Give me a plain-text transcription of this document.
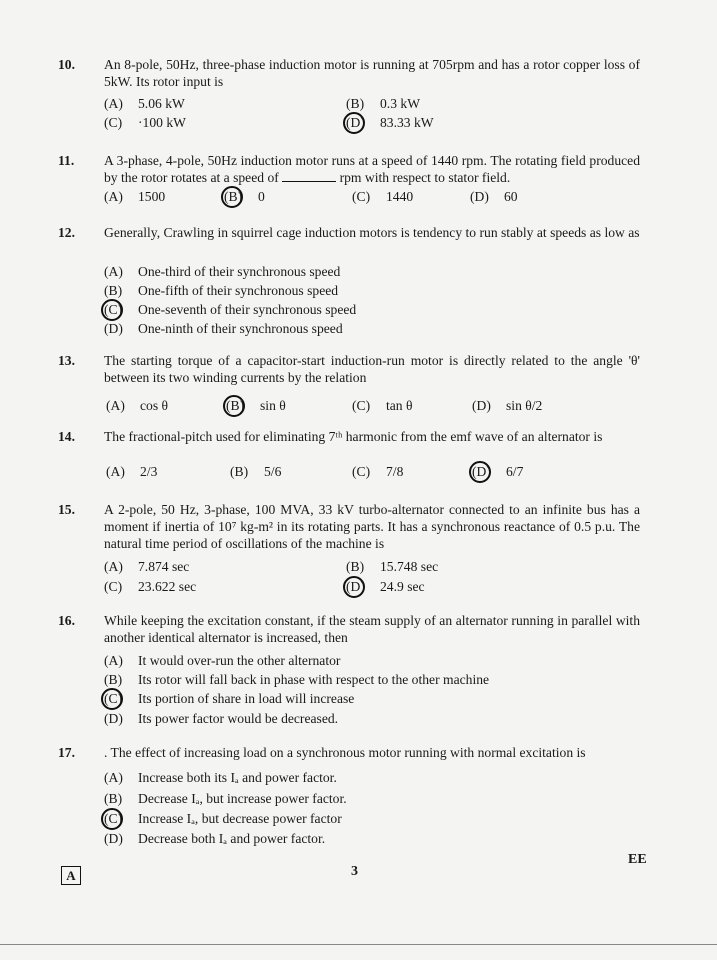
10. An 8-pole, 50Hz, three-phase induction motor is running at 705rpm and has a rotor copper loss of 5kW. Its rotor input is
(A) 5.06 kW	(B) 0.3 kW
(C) ·100 kW	(D) 83.33 kW
11. A 3-phase, 4-pole, 50Hz induction motor runs at a speed of 1440 rpm. The rotating field produced by the rotor rotates at a speed of	rpm with respect to stator field.
(A) 1500	(B) 0	(C) 1440	(D) 60
12. Generally, Crawling in squirrel cage induction motors is tendency to run stably at speeds as low as
(A) One-third of their synchronous speed
(B) One-fifth of their synchronous speed
(C) One-seventh of their synchronous speed
(D) One-ninth of their synchronous speed
13. The starting torque of a capacitor-start induction-run motor is directly related to the angle 'θ' between its two winding currents by the relation
(A) cos θ	(B) sin θ	(C) tan θ	(D) sin θ/2
14. The fractional-pitch used for eliminating 7ᵗʰ harmonic from the emf wave of an alternator is
(A) 2/3	(B) 5/6	(C) 7/8	(D) 6/7
15. A 2-pole, 50 Hz, 3-phase, 100 MVA, 33 kV turbo-alternator connected to an infinite bus has a moment if inertia of 10⁷ kg-m² in its rotating parts. It has a synchronous reactance of 0.5 p.u. The natural time period of oscillations of the machine is
(A) 7.874 sec	(B) 15.748 sec
(C) 23.622 sec	(D) 24.9 sec
16. While keeping the excitation constant, if the steam supply of an alternator running in parallel with another identical alternator is increased, then
(A) It would over-run the other alternator
(B) Its rotor will fall back in phase with respect to the other machine
(C) Its portion of share in load will increase
(D) Its power factor would be decreased.
17. . The effect of increasing load on a synchronous motor running with normal excitation is
(A) Increase both its Iₐ and power factor.
(B) Decrease Iₐ, but increase power factor.
(C) Increase Iₐ, but decrease power factor
(D) Decrease both Iₐ and power factor.
A	3
EE
